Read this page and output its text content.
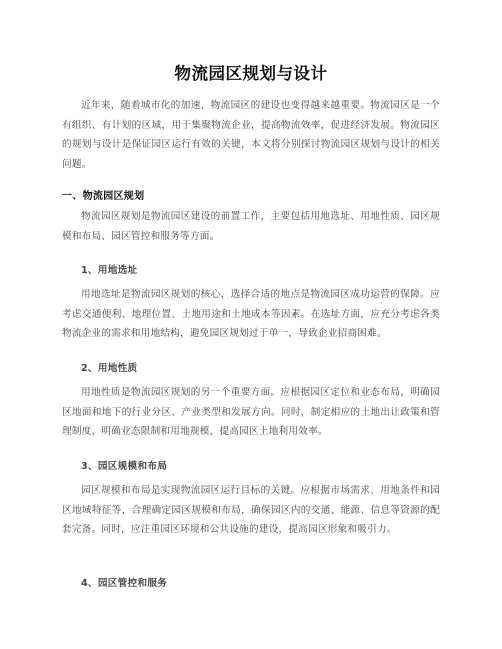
物流园区规划与设计

近年来，随着城市化的加速，物流园区的建设也变得越来越重要。物流园区是一个有组织、有计划的区域，用于集聚物流企业，提高物流效率，促进经济发展。物流园区的规划与设计是保证园区运行有效的关键，本文将分别探讨物流园区规划与设计的相关问题。

一、物流园区规划

物流园区规划是物流园区建设的前置工作，主要包括用地选址、用地性质、园区规模和布局、园区管控和服务等方面。

1、用地选址

用地选址是物流园区规划的核心，选择合适的地点是物流园区成功运营的保障。应考虑交通便利、地理位置、土地用途和土地成本等因素。在选址方面，应充分考虑各类物流企业的需求和用地结构，避免园区规划过于单一，导致企业招商困难。

2、用地性质

用地性质是物流园区规划的另一个重要方面。应根据园区定位和业态布局，明确园区地面和地下的行业分区、产业类型和发展方向。同时，制定相应的土地出让政策和管理制度，明确业态限制和用地规模，提高园区土地利用效率。

3、园区规模和布局

园区规模和布局是实现物流园区运行目标的关键。应根据市场需求、用地条件和园区地域特征等，合理确定园区规模和布局，确保园区内的交通、能源、信息等资源的配套完备。同时，应注重园区环境和公共设施的建设，提高园区形象和吸引力。

4、园区管控和服务
